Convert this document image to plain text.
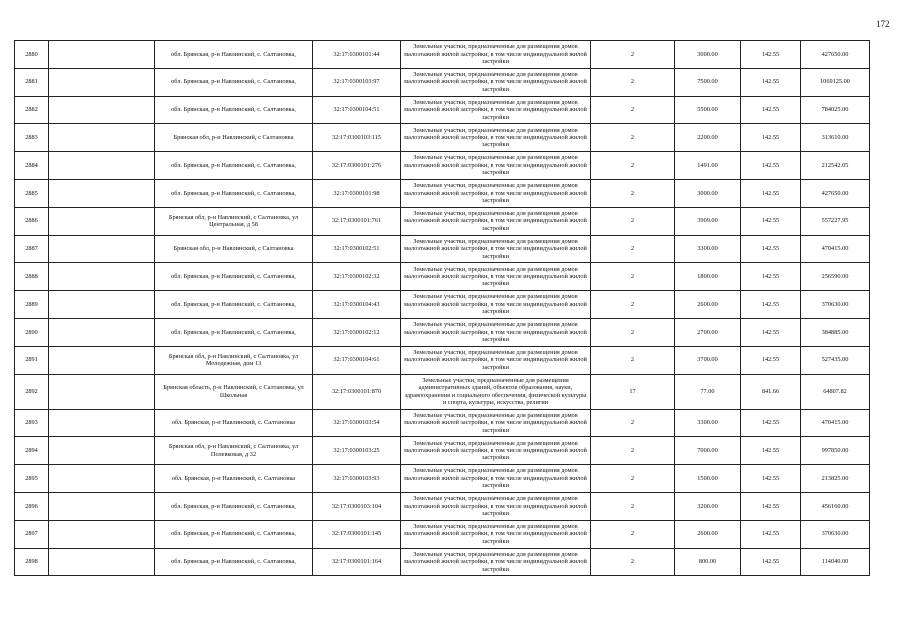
172
2880		обл. Брянская, р-н Навлинский, с. Салтановка,	32:17:0300101:44	Земельные участки, предназначенные для размещения домов малоэтажной жилой застройки, в том числе индивидуальной жилой застройки	2	3000.00	142.55	427650.00
2881		обл. Брянская, р-н Навлинский, с. Салтановка,	32:17:0300103:97	Земельные участки, предназначенные для размещения домов малоэтажной жилой застройки, в том числе индивидуальной жилой застройки	2	7500.00	142.55	1069125.00
2882		обл. Брянская, р-н Навлинский, с. Салтановка,	32:17:0300104:51	Земельные участки, предназначенные для размещения домов малоэтажной жилой застройки, в том числе индивидуальной жилой застройки	2	5500.00	142.55	784025.00
2883		Брянская обл, р-н Навлинский, с Салтановка	32:17:0300103:115	Земельные участки, предназначенные для размещения домов малоэтажной жилой застройки, в том числе индивидуальной жилой застройки	2	2200.00	142.55	313610.00
2884		обл. Брянская, р-н Навлинский, с. Салтановка,	32:17:0300101:276	Земельные участки, предназначенные для размещения домов малоэтажной жилой застройки, в том числе индивидуальной жилой застройки	2	1491.00	142.55	212542.05
2885		обл. Брянская, р-н Навлинский, с. Салтановка,	32:17:0300101:98	Земельные участки, предназначенные для размещения домов малоэтажной жилой застройки, в том числе индивидуальной жилой застройки	2	3000.00	142.55	427650.00
2886		Брянская обл, р-н Навлинский, с Салтановка, ул Центральная, д 58	32:17:0300101:761	Земельные участки, предназначенные для размещения домов малоэтажной жилой застройки, в том числе индивидуальной жилой застройки	2	3909.00	142.55	557227.95
2887		Брянская обл, р-н Навлинский, с Салтановка	32:17:0300102:51	Земельные участки, предназначенные для размещения домов малоэтажной жилой застройки, в том числе индивидуальной жилой застройки	2	3300.00	142.55	470415.00
2888		обл. Брянская, р-н Навлинский, с. Салтановка,	32:17:0300102:32	Земельные участки, предназначенные для размещения домов малоэтажной жилой застройки, в том числе индивидуальной жилой застройки	2	1800.00	142.55	256590.00
2889		обл. Брянская, р-н Навлинский, с. Салтановка,	32:17:0300104:43	Земельные участки, предназначенные для размещения домов малоэтажной жилой застройки, в том числе индивидуальной жилой застройки	2	2600.00	142.55	370630.00
2890		обл. Брянская, р-н Навлинский, с. Салтановка,	32:17:0300102:12	Земельные участки, предназначенные для размещения домов малоэтажной жилой застройки, в том числе индивидуальной жилой застройки	2	2700.00	142.55	384885.00
2891		Брянская обл, р-н Навлинский, с Салтановка, ул Молодежная, дом 13	32:17:0300104:61	Земельные участки, предназначенные для размещения домов малоэтажной жилой застройки, в том числе индивидуальной жилой застройки	2	3700.00	142.55	527435.00
2892		Брянская область, р-н Навлинский, с Салтановка, ул Школьная	32:17:0300101:870	Земельные участки, предназначенные для размещения административных зданий, объектов образования, науки, здравоохранения и социального обеспечения, физической культуры и спорта, культуры, искусства, религии	17	77.00	841.66	64807.82
2893		обл. Брянская, р-н Навлинский, с. Салтановка	32:17:0300103:54	Земельные участки, предназначенные для размещения домов малоэтажной жилой застройки, в том числе индивидуальной жилой застройки	2	3300.00	142.55	470415.00
2894		Брянская обл, р-н Навлинский, с Салтановка, ул Полевковая, д 32	32:17:0300103:25	Земельные участки, предназначенные для размещения домов малоэтажной жилой застройки, в том числе индивидуальной жилой застройки	2	7000.00	142.55	997850.00
2895		обл. Брянская, р-н Навлинский, с. Салтановка	32:17:0300103:93	Земельные участки, предназначенные для размещения домов малоэтажной жилой застройки, в том числе индивидуальной жилой застройки	2	1500.00	142.55	213825.00
2896		обл. Брянская, р-н Навлинский, с. Салтановка,	32:17:0300103:104	Земельные участки, предназначенные для размещения домов малоэтажной жилой застройки, в том числе индивидуальной жилой застройки	2	3200.00	142.55	456160.00
2897		обл. Брянская, р-н Навлинский, с. Салтановка,	32:17:0300101:145	Земельные участки, предназначенные для размещения домов малоэтажной жилой застройки, в том числе индивидуальной жилой застройки	2	2600.00	142.55	370630.00
2898		обл. Брянская, р-н Навлинский, с. Салтановка,	32:17:0300101:164	Земельные участки, предназначенные для размещения домов малоэтажной жилой застройки, в том числе индивидуальной жилой застройки	2	800.00	142.55	114040.00
